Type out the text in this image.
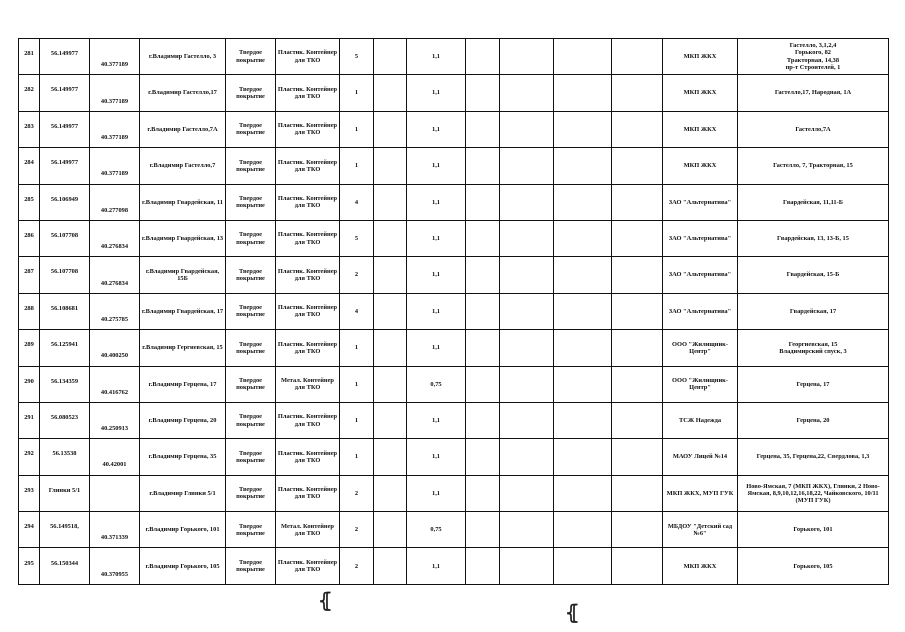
281	56.149977	40.377189	г.Владимир Гастелло, 3	Твердое покрытие	Пластик. Контейнер для ТКО	5		1,1					МКП ЖКХ	Гастелло, 3,1,2,4
Горького, 82
Тракторная, 14,38
пр-т Строителей, 1
282	56.149977	40.377189	г.Владимир Гастелло,17	Твердое покрытие	Пластик. Контейнер для ТКО	1		1,1					МКП ЖКХ	Гастелло,17, Народная, 1А
283	56.149977	40.377189	г.Владимир Гастелло,7А	Твердое покрытие	Пластик. Контейнер для ТКО	1		1,1					МКП ЖКХ	Гастелло,7А
284	56.149977	40.377189	г.Владимир Гастелло,7	Твердое покрытие	Пластик. Контейнер для ТКО	1		1,1					МКП ЖКХ	Гастелло, 7, Тракторная, 15
285	56.106949	40.277098	г.Владимир Гвардейская, 11	Твердое покрытие	Пластик. Контейнер для ТКО	4		1,1					ЗАО "Альтернатива"	Гвардейская, 11,11-Б
286	56.107708	40.276834	г.Владимир Гвардейская, 13	Твердое покрытие	Пластик. Контейнер для ТКО	5		1,1					ЗАО "Альтернатива"	Гвардейская, 13, 13-Б, 15
287	56.107708	40.276834	г.Владимир Гвардейская, 15Б	Твердое покрытие	Пластик. Контейнер для ТКО	2		1,1					ЗАО "Альтернатива"	Гвардейская, 15-Б
288	56.108681	40.275785	г.Владимир Гвардейская, 17	Твердое покрытие	Пластик. Контейнер для ТКО	4		1,1					ЗАО "Альтернатива"	Гвардейская, 17
289	56.125941	40.400250	г.Владимир Гергиевская, 15	Твердое покрытие	Пластик. Контейнер для ТКО	1		1,1					ООО "Жилищник-Центр"	Георгиевская, 15
Владимирский спуск, 3
290	56.134359	40.416762	г.Владимир Герцена, 17	Твердое покрытие	Метал. Контейнер для ТКО	1		0,75					ООО "Жилищник-Центр"	Герцена, 17
291	56.080523	40.250913	г.Владимир Герцена, 20	Твердое покрытие	Пластик. Контейнер для ТКО	1		1,1					ТСЖ Надежда	Герцена, 20
292	56.13538	40.42001	г.Владимир Герцена, 35	Твердое покрытие	Пластик. Контейнер для ТКО	1		1,1					МАОУ Лицей №14	Герцена, 35, Герцена,22, Свердлова, 1,3
293	Глинки 5/1		г.Владимир Глинки 5/1	Твердое покрытие	Пластик. Контейнер для ТКО	2		1,1					МКП ЖКХ, МУП ГУК	Ново-Ямская, 7 (МКП ЖКХ), Глинки, 2 Ново-Ямская, 8,9,10,12,16,18,22, Чайковского, 10/11 (МУП ГУК)
294	56.149518,	40.371339	г.Владимир Горького, 101	Твердое покрытие	Метал. Контейнер для ТКО	2		0,75					МБДОУ "Детский сад №6"	Горького, 101
295	56.150344	40.370955	г.Владимир Горького, 105	Твердое покрытие	Пластик. Контейнер для ТКО	2		1,1					МКП ЖКХ	Горького, 105
⦃	⦃
